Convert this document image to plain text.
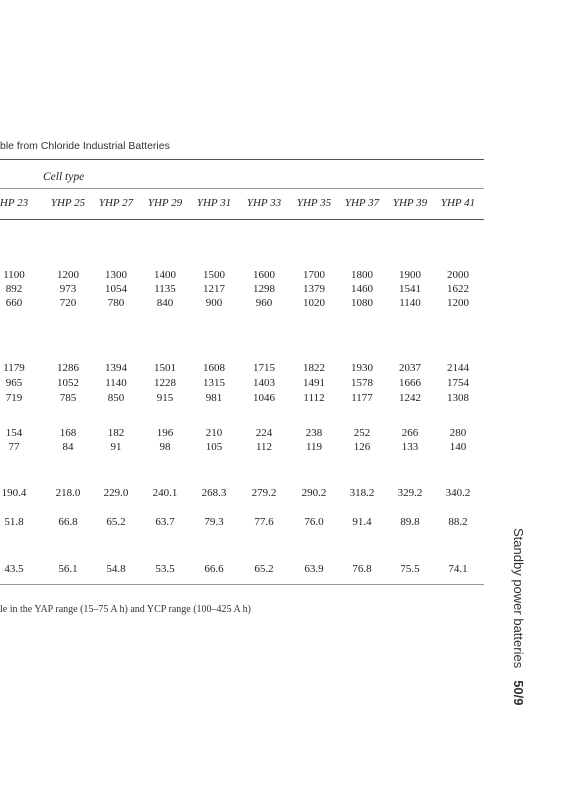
ble from Chloride Industrial Batteries
Cell type
HP 23 YHP 25 YHP 27 YHP 29 YHP 31 YHP 33 YHP 35 YHP 37 YHP 39 YHP 41
1100	1200 1300 1400 1500	1600	1700 1800 1900 2000
892	973	1054 1135 1217	1298	1379 1460 1541 1622
660	720	780	840	900	960	1020 1080 1140 1200
1179	1286 1394 1501 1608	1715	1822 1930 2037 2144
965	1052 1140 1228 1315	1403	1491 1578 1666 1754
719	785	850	915	981	1046	1112 1177 1242 1308
154	168	182	196	210	224	238	252	266	280
77	84	91	98	105	112	119	126	133	140
190.4	218.0 229.0 240.1 268.3 279.2 290.2 318.2 329.2 340.2
51.8	66.8	65.2	63.7	79.3	77.6	76.0	91.4	89.8	88.2
43.5	56.1	54.8	53.5	66.6	65.2	63.9	76.8	75.5	74.1
le in the YAP range (15–75 A h) and YCP range (100–425 A h)	Standby power batteries50/9
